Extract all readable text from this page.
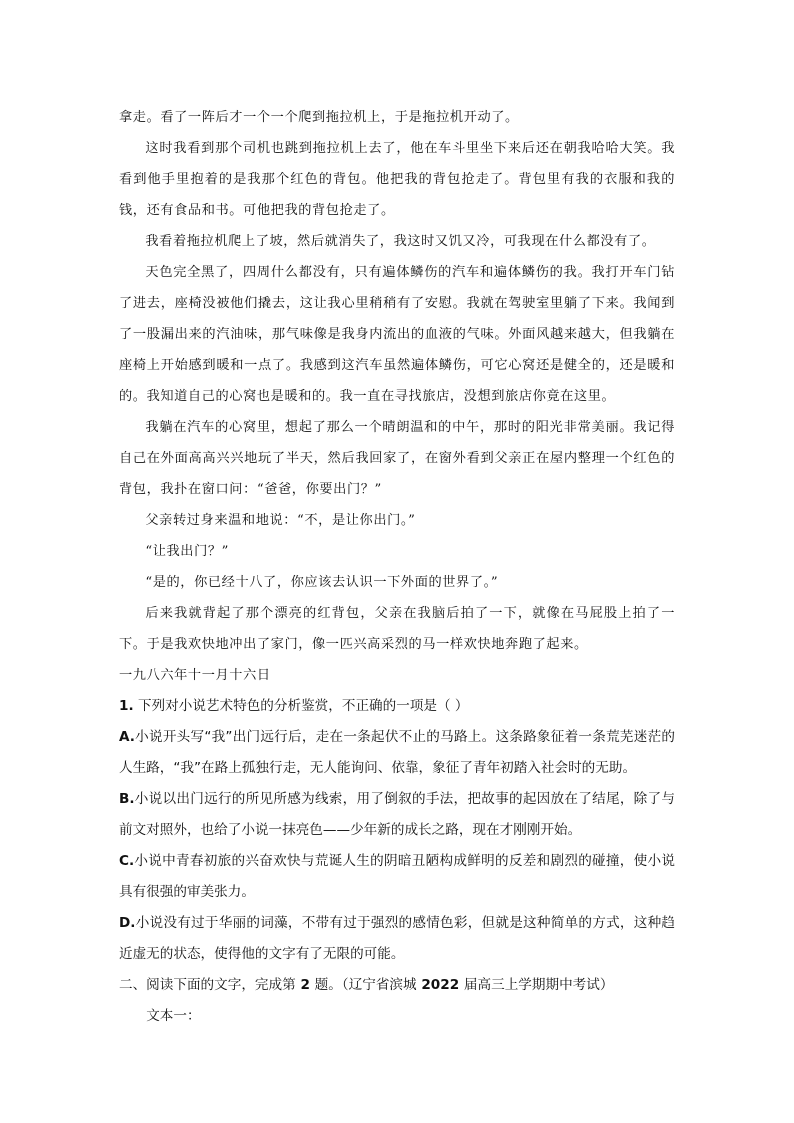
拿走。看了一阵后才一个一个爬到拖拉机上，于是拖拉机开动了。

这时我看到那个司机也跳到拖拉机上去了，他在车斗里坐下来后还在朝我哈哈大笑。我看到他手里抱着的是我那个红色的背包。他把我的背包抢走了。背包里有我的衣服和我的钱，还有食品和书。可他把我的背包抢走了。

我看着拖拉机爬上了坡，然后就消失了，我这时又饥又冷，可我现在什么都没有了。

天色完全黑了，四周什么都没有，只有遍体鳞伤的汽车和遍体鳞伤的我。我打开车门钻了进去，座椅没被他们撬去，这让我心里稍稍有了安慰。我就在驾驶室里躺了下来。我闻到了一股漏出来的汽油味，那气味像是我身内流出的血液的气味。外面风越来越大，但我躺在座椅上开始感到暖和一点了。我感到这汽车虽然遍体鳞伤，可它心窝还是健全的，还是暖和的。我知道自己的心窝也是暖和的。我一直在寻找旅店，没想到旅店你竟在这里。

我躺在汽车的心窝里，想起了那么一个晴朗温和的中午，那时的阳光非常美丽。我记得自己在外面高高兴兴地玩了半天，然后我回家了，在窗外看到父亲正在屋内整理一个红色的背包，我扑在窗口问：“爸爸，你要出门？”

父亲转过身来温和地说：“不，是让你出门。”

“让我出门？”

“是的，你已经十八了，你应该去认识一下外面的世界了。”

后来我就背起了那个漂亮的红背包，父亲在我脑后拍了一下，就像在马屁股上拍了一下。于是我欢快地冲出了家门，像一匹兴高采烈的马一样欢快地奔跑了起来。

一九八六年十一月十六日

1. 下列对小说艺术特色的分析鉴赏，不正确的一项是（ ）

A.小说开头写“我”出门远行后，走在一条起伏不止的马路上。这条路象征着一条荒芜迷茫的人生路，“我”在路上孤独行走，无人能询问、依靠，象征了青年初踏入社会时的无助。

B.小说以出门远行的所见所感为线索，用了倒叙的手法，把故事的起因放在了结尾，除了与前文对照外，也给了小说一抹亮色——少年新的成长之路，现在才刚刚开始。

C.小说中青春初旅的兴奋欢快与荒诞人生的阴暗丑陋构成鲜明的反差和剧烈的碰撞，使小说具有很强的审美张力。

D.小说没有过于华丽的词藻，不带有过于强烈的感情色彩，但就是这种简单的方式，这种趋近虚无的状态，使得他的文字有了无限的可能。

二、阅读下面的文字，完成第 2 题。（辽宁省滨城 2022 届高三上学期期中考试）

文本一：
